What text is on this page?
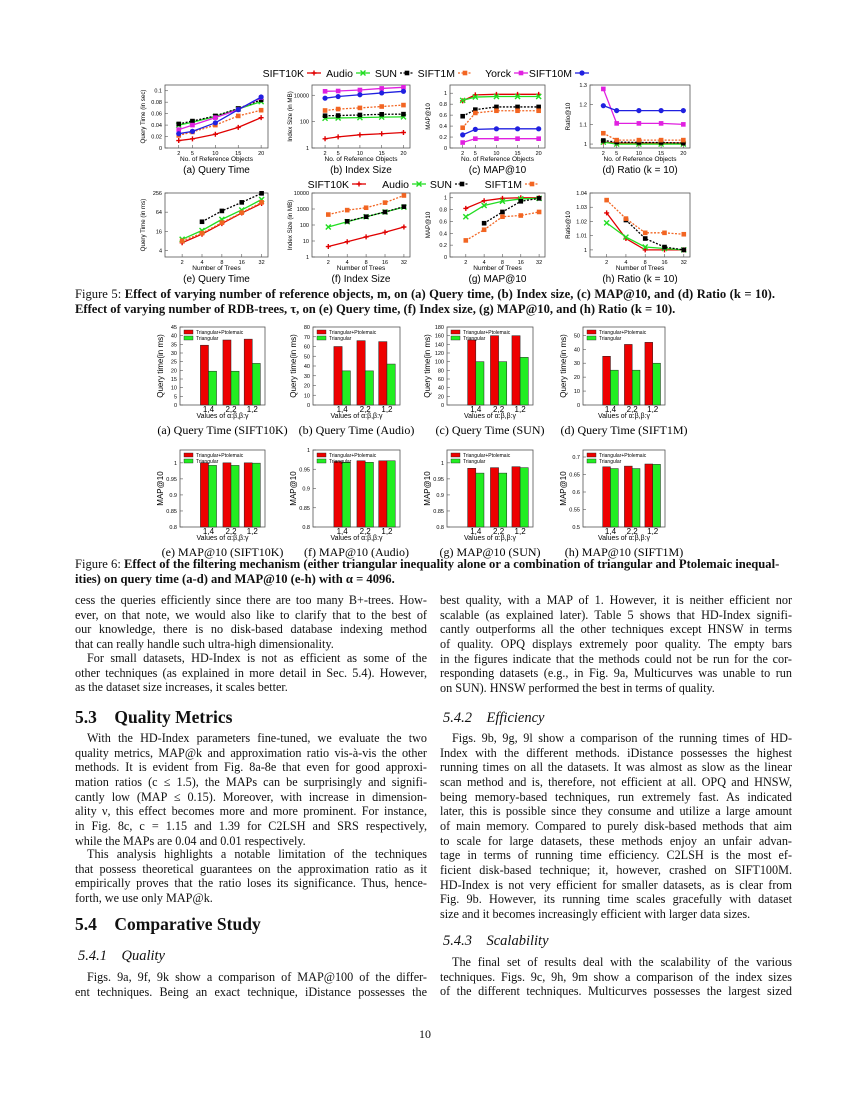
0
0.02
0.04
0.06
0.08
0.1
Query Time (in sec)
2 5	10	15	20
No. of Reference Objects
(a) Query Time
1
100
10000
Index Size (in MB)
2 5	10	15	20
No. of Reference Objects
(b) Index Size
0
0.2
0.4
0.6
0.8
1
MAP@10
2 5	10	15	20
No. of Reference Objects
(c) MAP@10
1
1.1
1.2
1.3
Ratio@10
2 5	10	15	20
No. of Reference Objects
(d) Ratio (k = 10)
4
16
64
256
Query Time (in ms)
2	4	8	16 32
Number of Trees
(e) Query Time
1
10
100
1000
10000
Index Size (in MB)
2	4	8	16 32
Number of Trees
(f) Index Size
0
0.2
0.4
0.6
0.8
1
MAP@10
2	4	8 16 32
Number of Trees
(g) MAP@10
1
1.01
1.02
1.03
1.04
Ratio@10
2	4	8	16 32
Number of Trees
(h) Ratio (k = 10)
0
5
10
15
20
25
30
35
40
45
Query time(in ms)
1,4 2,2 1,2
Values of α:β,β:γ
(a) Query Time (SIFT10K)
Triangular+Ptolemaic
Triangular
0
10
20
30
40
50
60
70
80
Query time(in ms)
1,4 2,2 1,2
Values of α:β,β:γ
(b) Query Time (Audio)
Triangular+Ptolemaic
Triangular
0
20
40
60
80
100
120
140
160
180
Query time(in ms)
1,4 2,2 1,2
Values of α:β,β:γ
(c) Query Time (SUN)
Triangular+Ptolemaic
Triangular
0
10
20
30
40
50
Query time(in ms)
1,4 2,2 1,2
Values of α:β,β:γ
(d) Query Time (SIFT1M)
Triangular+Ptolemaic
Triangular
0.8
0.85
0.9
0.95
1
MAP@10
1,4 2,2 1,2
Values of α:β,β:γ
(e) MAP@10 (SIFT10K)
Triangular+Ptolemaic
Triangular
0.8
0.85
0.9
0.95
1
MAP@10
1,4 2,2 1,2
Values of α:β,β:γ
(f) MAP@10 (Audio)
Triangular+Ptolemaic
Triangular
0.8
0.85
0.9
0.95
1
MAP@10
1,4 2,2 1,2
Values of α:β,β:γ
(g) MAP@10 (SUN)
Triangular+Ptolemaic
Triangular
0.5
0.55
0.6
0.65
0.7
MAP@10
1,4 2,2 1,2
Values of α:β,β:γ
(h) MAP@10 (SIFT1M)
Triangular+Ptolemaic
Triangular
SIFT10K Audio SUN SIFT1M	Yorck SIFT10M
SIFT10K	Audio SUN	SIFT1M
Figure 5: Effect of varying number of reference objects, m, on (a) Query time, (b) Index size, (c) MAP@10, and (d) Ratio (k = 10).
Effect of varying number of RDB-trees, τ, on (e) Query time, (f) Index size, (g) MAP@10, and (h) Ratio (k = 10).
Figure 6: Effect of the filtering mechanism (either triangular inequality alone or a combination of triangular and Ptolemaic inequal-
ities) on query time (a-d) and MAP@10 (e-h) with α = 4096.
cess the queries efficiently since there are too many B+-trees. How-
ever, on that note, we would also like to clarify that to the best of
our knowledge, there is no disk-based database indexing method
that can really handle such ultra-high dimensionality.
For small datasets, HD-Index is not as efficient as some of the
other techniques (as explained in more detail in Sec. 5.4). However,
as the dataset size increases, it scales better.
5.3    Quality Metrics
With the HD-Index parameters fine-tuned, we evaluate the two
quality metrics, MAP@k and approximation ratio vis-à-vis the other
methods. It is evident from Fig. 8a-8e that even for good approxi-
mation ratios (c ≤ 1.5), the MAPs can be surprisingly and signifi-
cantly low (MAP ≤ 0.15). Moreover, with increase in dimension-
ality ν, this effect becomes more and more prominent. For instance,
in Fig. 8c, c = 1.15 and 1.39 for C2LSH and SRS respectively,
while the MAPs are 0.04 and 0.01 respectively.
This analysis highlights a notable limitation of the techniques
that possess theoretical guarantees on the approximation ratio as it
empirically proves that the ratio loses its significance. Thus, hence-
forth, we use only MAP@k.
5.4    Comparative Study
5.4.1    Quality
Figs. 9a, 9f, 9k show a comparison of MAP@100 of the differ-
ent techniques. Being an exact technique, iDistance possesses the
best quality, with a MAP of 1. However, it is neither efficient nor
scalable (as explained later). Table 5 shows that HD-Index signifi-
cantly outperforms all the other techniques except HNSW in terms
of quality. OPQ displays extremely poor quality. The empty bars
in the figures indicate that the methods could not be run for the cor-
responding datasets (e.g., in Fig. 9a, Multicurves was unable to run
on SUN). HNSW performed the best in terms of quality.
5.4.2    Efficiency
Figs. 9b, 9g, 9l show a comparison of the running times of HD-
Index with the different methods. iDistance possesses the highest
running times on all the datasets. It was almost as slow as the linear
scan method and is, therefore, not efficient at all. OPQ and HNSW,
being memory-based techniques, run extremely fast. As indicated
later, this is possible since they consume and utilize a large amount
of main memory. Compared to purely disk-based methods that aim
to scale for large datasets, these methods enjoy an unfair advan-
tage in terms of running time efficiency. C2LSH is the most ef-
ficient disk-based technique; it, however, crashed on SIFT100M.
HD-Index is not very efficient for smaller datasets, as is clear from
Fig. 9b. However, its running time scales gracefully with dataset
size and it becomes increasingly efficient with larger data sizes.
5.4.3    Scalability
The final set of results deal with the scalability of the various
techniques. Figs. 9c, 9h, 9m show a comparison of the index sizes
of the different techniques. Multicurves possesses the largest sized
10
